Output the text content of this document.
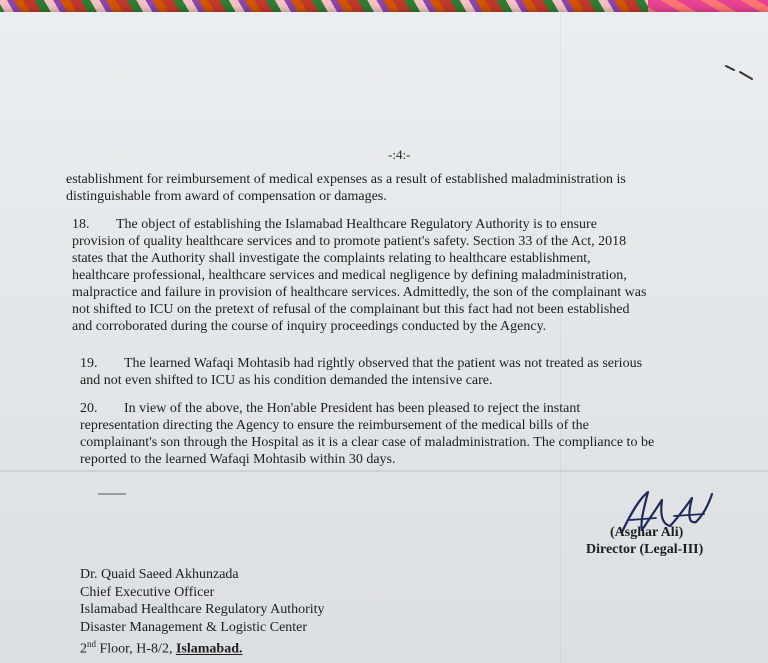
-:4:-
establishment for reimbursement of medical expenses as a result of established maladministration is
distinguishable from award of compensation or damages.
18. The object of establishing the Islamabad Healthcare Regulatory Authority is to ensure
provision of quality healthcare services and to promote patient's safety. Section 33 of the Act, 2018
states that the Authority shall investigate the complaints relating to healthcare establishment,
healthcare professional, healthcare services and medical negligence by defining maladministration,
malpractice and failure in provision of healthcare services. Admittedly, the son of the complainant was
not shifted to ICU on the pretext of refusal of the complainant but this fact had not been established
and corroborated during the course of inquiry proceedings conducted by the Agency.
19. The learned Wafaqi Mohtasib had rightly observed that the patient was not treated as serious
and not even shifted to ICU as his condition demanded the intensive care.
20. In view of the above, the Hon'able President has been pleased to reject the instant
representation directing the Agency to ensure the reimbursement of the medical bills of the
complainant's son through the Hospital as it is a clear case of maladministration. The compliance to be
reported to the learned Wafaqi Mohtasib within 30 days.
(Asghar Ali)
Director (Legal-III)
Dr. Quaid Saeed Akhunzada
Chief Executive Officer
Islamabad Healthcare Regulatory Authority
Disaster Management & Logistic Center
2nd Floor, H-8/2, Islamabad.
